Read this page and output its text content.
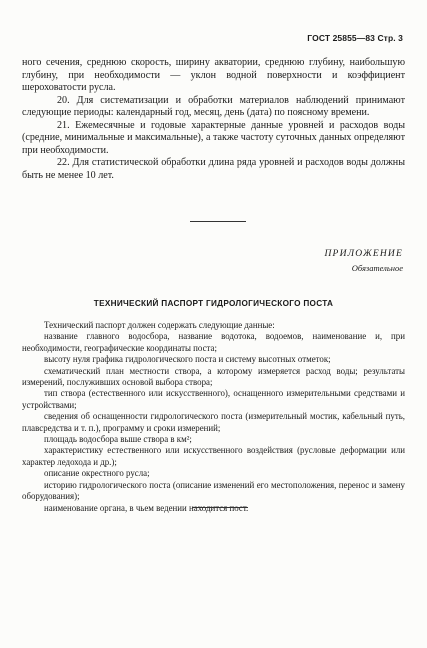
ГОСТ 25855—83 Стр. 3

ного сечения, среднюю скорость, ширину акватории, среднюю глубину, наибольшую глубину, при необходимости — уклон водной поверхности и коэффициент шероховатости русла.

20. Для систематизации и обработки материалов наблюдений принимают следующие периоды: календарный год, месяц, день (дата) по поясному времени.

21. Ежемесячные и годовые характерные данные уровней и расходов воды (средние, минимальные и максимальные), а также частоту суточных данных определяют при необходимости.

22. Для статистической обработки длина ряда уровней и расходов воды должны быть не менее 10 лет.

ПРИЛОЖЕНИЕ
Обязательное
ТЕХНИЧЕСКИЙ ПАСПОРТ ГИДРОЛОГИЧЕСКОГО ПОСТА

Технический паспорт должен содержать следующие данные:

название главного водосбора, название водотока, водоемов, наименование и, при необходимости, географические координаты поста;

высоту нуля графика гидрологического поста и систему высотных отметок;

схематический план местности створа, а которому измеряется расход воды; результаты измерений, послуживших основой выбора створа;

тип створа (естественного или искусственного), оснащенного измерительными средствами и устройствами;

сведения об оснащенности гидрологического поста (измерительный мостик, кабельный путь, плавсредства и т. п.), программу и сроки измерений;

площадь водосбора выше створа в км²;

характеристику естественного или искусственного воздействия (русловые деформации или характер ледохода и др.);

описание окрестного русла;

историю гидрологического поста (описание изменений его местоположения, перенос и замену оборудования);

наименование органа, в чьем ведении находится пост.
